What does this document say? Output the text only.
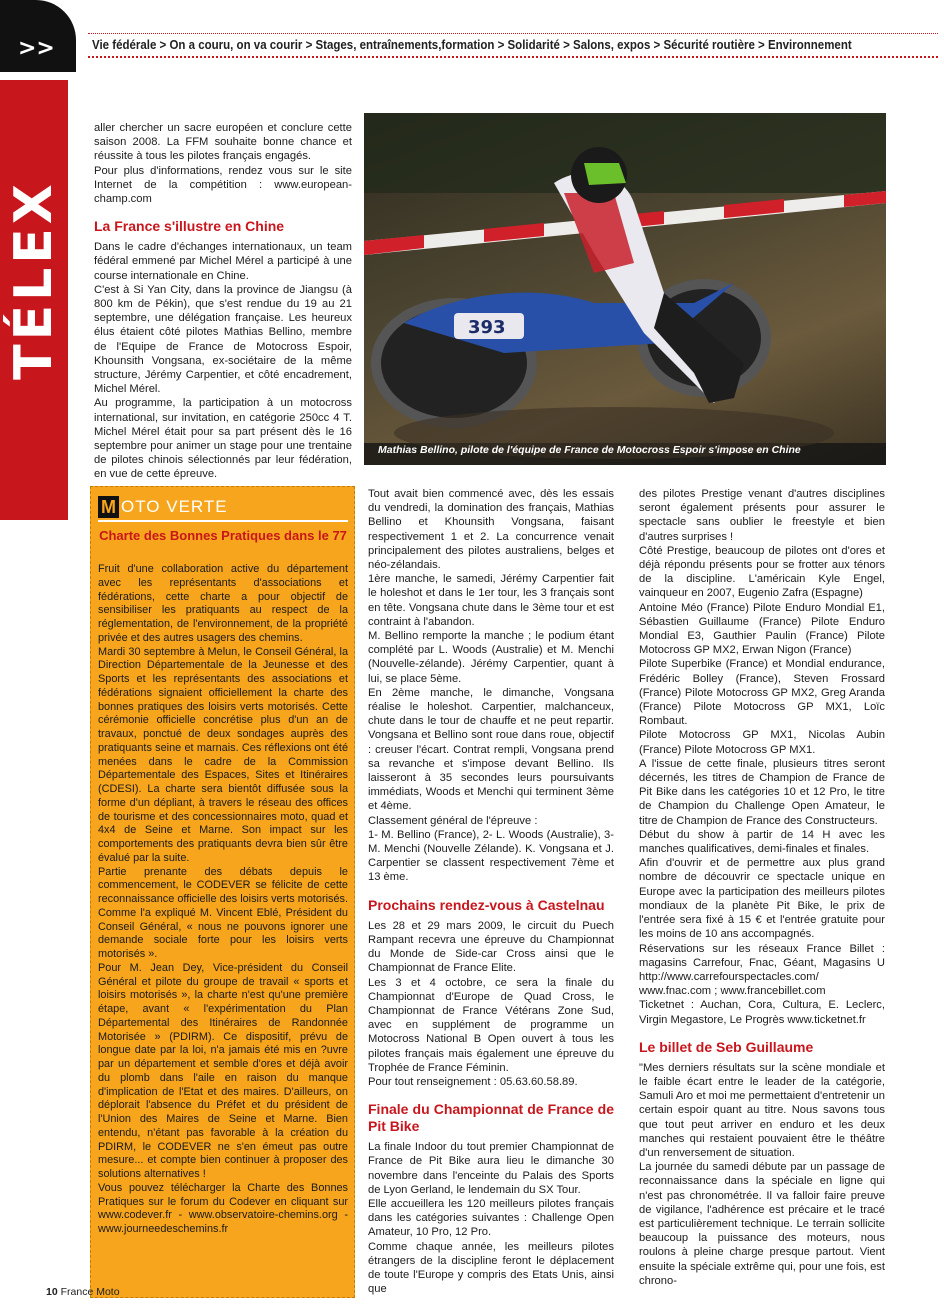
>>
TÉLEX
Vie fédérale > On a couru, on va courir > Stages, entraînements,formation > Solidarité > Salons, expos > Sécurité routière > Environnement

aller chercher un sacre européen et conclure cette saison 2008. La FFM souhaite bonne chance et réussite à tous les pilotes français engagés.

Pour plus d'informations, rendez vous sur le site Internet de la compétition : www.european-champ.com

La France s'illustre en Chine

Dans le cadre d'échanges internationaux, un team fédéral emmené par Michel Mérel a participé à une course internationale en Chine.

C'est à Si Yan City, dans la province de Jiangsu (à 800 km de Pékin), que s'est rendue du 19 au 21 septembre, une délégation française. Les heureux élus étaient côté pilotes Mathias Bellino, membre de l'Equipe de France de Motocross Espoir, Khounsith Vongsana, ex-sociétaire de la même structure, Jérémy Carpentier, et côté encadrement, Michel Mérel.

Au programme, la participation à un motocross international, sur invitation, en catégorie 250cc 4 T. Michel Mérel était pour sa part présent dès le 16 septembre pour animer un stage pour une trentaine de pilotes chinois sélectionnés par leur fédération, en vue de cette épreuve.

393
Mathias Bellino, pilote de l'équipe de France de Motocross Espoir s'impose en Chine
M OTO VERTE
Charte des Bonnes Pratiques dans le 77

Fruit d'une collaboration active du département avec les représentants d'associations et fédérations, cette charte a pour objectif de sensibiliser les pratiquants au respect de la réglementation, de l'environnement, de la propriété privée et des autres usagers des chemins.

Mardi 30 septembre à Melun, le Conseil Général, la Direction Départementale de la Jeunesse et des Sports et les représentants des associations et fédérations signaient officiellement la charte des bonnes pratiques des loisirs verts motorisés. Cette cérémonie officielle concrétise plus d'un an de travaux, ponctué de deux sondages auprès des pratiquants seine et marnais. Ces réflexions ont été menées dans le cadre de la Commission Départementale des Espaces, Sites et Itinéraires (CDESI). La charte sera bientôt diffusée sous la forme d'un dépliant, à travers le réseau des offices de tourisme et des concessionnaires moto, quad et 4x4 de Seine et Marne. Son impact sur les comportements des pratiquants devra bien sûr être évalué par la suite.

Partie prenante des débats depuis le commencement, le CODEVER se félicite de cette reconnaissance officielle des loisirs verts motorisés. Comme l'a expliqué M. Vincent Eblé, Président du Conseil Général, « nous ne pouvons ignorer une demande sociale forte pour les loisirs verts motorisés ».

Pour M. Jean Dey, Vice-président du Conseil Général et pilote du groupe de travail « sports et loisirs motorisés », la charte n'est qu'une première étape, avant « l'expérimentation du Plan Départemental des Itinéraires de Randonnée Motorisée » (PDIRM). Ce dispositif, prévu de longue date par la loi, n'a jamais été mis en ?uvre par un département et semble d'ores et déjà avoir du plomb dans l'aile en raison du manque d'implication de l'Etat et des maires. D'ailleurs, on déplorait l'absence du Préfet et du président de l'Union des Maires de Seine et Marne. Bien entendu, n'étant pas favorable à la création du PDIRM, le CODEVER ne s'en émeut pas outre mesure... et compte bien continuer à proposer des solutions alternatives !

Vous pouvez télécharger la Charte des Bonnes Pratiques sur le forum du Codever en cliquant sur www.codever.fr - www.observatoire-chemins.org - www.journeedeschemins.fr

Tout avait bien commencé avec, dès les essais du vendredi, la domination des français, Mathias Bellino et Khounsith Vongsana, faisant respectivement 1 et 2. La concurrence venait principalement des pilotes australiens, belges et néo-zélandais.

1ère manche, le samedi, Jérémy Carpentier fait le holeshot et dans le 1er tour, les 3 français sont en tête. Vongsana chute dans le 3ème tour et est contraint à l'abandon.

M. Bellino remporte la manche ; le podium étant complété par L. Woods (Australie) et M. Menchi (Nouvelle-zélande). Jérémy Carpentier, quant à lui, se place 5ème.

En 2ème manche, le dimanche, Vongsana réalise le holeshot. Carpentier, malchanceux, chute dans le tour de chauffe et ne peut repartir. Vongsana et Bellino sont roue dans roue, objectif : creuser l'écart. Contrat rempli, Vongsana prend sa revanche et s'impose devant Bellino. Ils laisseront à 35 secondes leurs poursuivants immédiats, Woods et Menchi qui terminent 3ème et 4ème.

Classement général de l'épreuve :

1- M. Bellino (France), 2- L. Woods (Australie), 3- M. Menchi (Nouvelle Zélande). K. Vongsana et J. Carpentier se classent respectivement 7ème et 13 ème.

Prochains rendez-vous à Castelnau

Les 28 et 29 mars 2009, le circuit du Puech Rampant recevra une épreuve du Championnat du Monde de Side-car Cross ainsi que le Championnat de France Elite.

Les 3 et 4 octobre, ce sera la finale du Championnat d'Europe de Quad Cross, le Championnat de France Vétérans Zone Sud, avec en supplément de programme un Motocross National B Open ouvert à tous les pilotes français mais également une épreuve du Trophée de France Féminin.

Pour tout renseignement : 05.63.60.58.89.

Finale du Championnat de France de Pit Bike

La finale Indoor du tout premier Championnat de France de Pit Bike aura lieu le dimanche 30 novembre dans l'enceinte du Palais des Sports de Lyon Gerland, le lendemain du SX Tour.

Elle accueillera les 120 meilleurs pilotes français dans les catégories suivantes : Challenge Open Amateur, 10 Pro, 12 Pro.

Comme chaque année, les meilleurs pilotes étrangers de la discipline feront le déplacement de toute l'Europe y compris des Etats Unis, ainsi que

des pilotes Prestige venant d'autres disciplines seront également présents pour assurer le spectacle sans oublier le freestyle et bien d'autres surprises !

Côté Prestige, beaucoup de pilotes ont d'ores et déjà répondu présents pour se frotter aux ténors de la discipline. L'américain Kyle Engel, vainqueur en 2007, Eugenio Zafra (Espagne)

Antoine Méo (France) Pilote Enduro Mondial E1, Sébastien Guillaume (France) Pilote Enduro Mondial E3, Gauthier Paulin (France) Pilote Motocross GP MX2, Erwan Nigon (France)

Pilote Superbike (France) et Mondial endurance, Frédéric Bolley (France), Steven Frossard (France) Pilote Motocross GP MX2, Greg Aranda (France) Pilote Motocross GP MX1, Loïc Rombaut.

Pilote Motocross GP MX1, Nicolas Aubin (France) Pilote Motocross GP MX1.

A l'issue de cette finale, plusieurs titres seront décernés, les titres de Champion de France de Pit Bike dans les catégories 10 et 12 Pro, le titre de Champion du Challenge Open Amateur, le titre de Champion de France des Constructeurs.

Début du show à partir de 14 H avec les manches qualificatives, demi-finales et finales.

Afin d'ouvrir et de permettre aux plus grand nombre de découvrir ce spectacle unique en Europe avec la participation des meilleurs pilotes mondiaux de la planète Pit Bike, le prix de l'entrée sera fixé à 15 € et l'entrée gratuite pour les moins de 10 ans accompagnés.

Réservations sur les réseaux France Billet : magasins Carrefour, Fnac, Géant, Magasins U http://www.carrefourspectacles.com/ www.fnac.com ; www.francebillet.com

Ticketnet : Auchan, Cora, Cultura, E. Leclerc, Virgin Megastore, Le Progrès www.ticketnet.fr

Le billet de Seb Guillaume

"Mes derniers résultats sur la scène mondiale et le faible écart entre le leader de la catégorie, Samuli Aro et moi me permettaient d'entretenir un certain espoir quant au titre. Nous savons tous que tout peut arriver en enduro et les deux manches qui restaient pouvaient être le théâtre d'un renversement de situation.

La journée du samedi débute par un passage de reconnaissance dans la spéciale en ligne qui n'est pas chronométrée. Il va falloir faire preuve de vigilance, l'adhérence est précaire et le tracé est particulièrement technique. Le terrain sollicite beaucoup la puissance des moteurs, nous roulons à pleine charge presque partout. Vient ensuite la spéciale extrême qui, pour une fois, est chrono-

10 France Moto
